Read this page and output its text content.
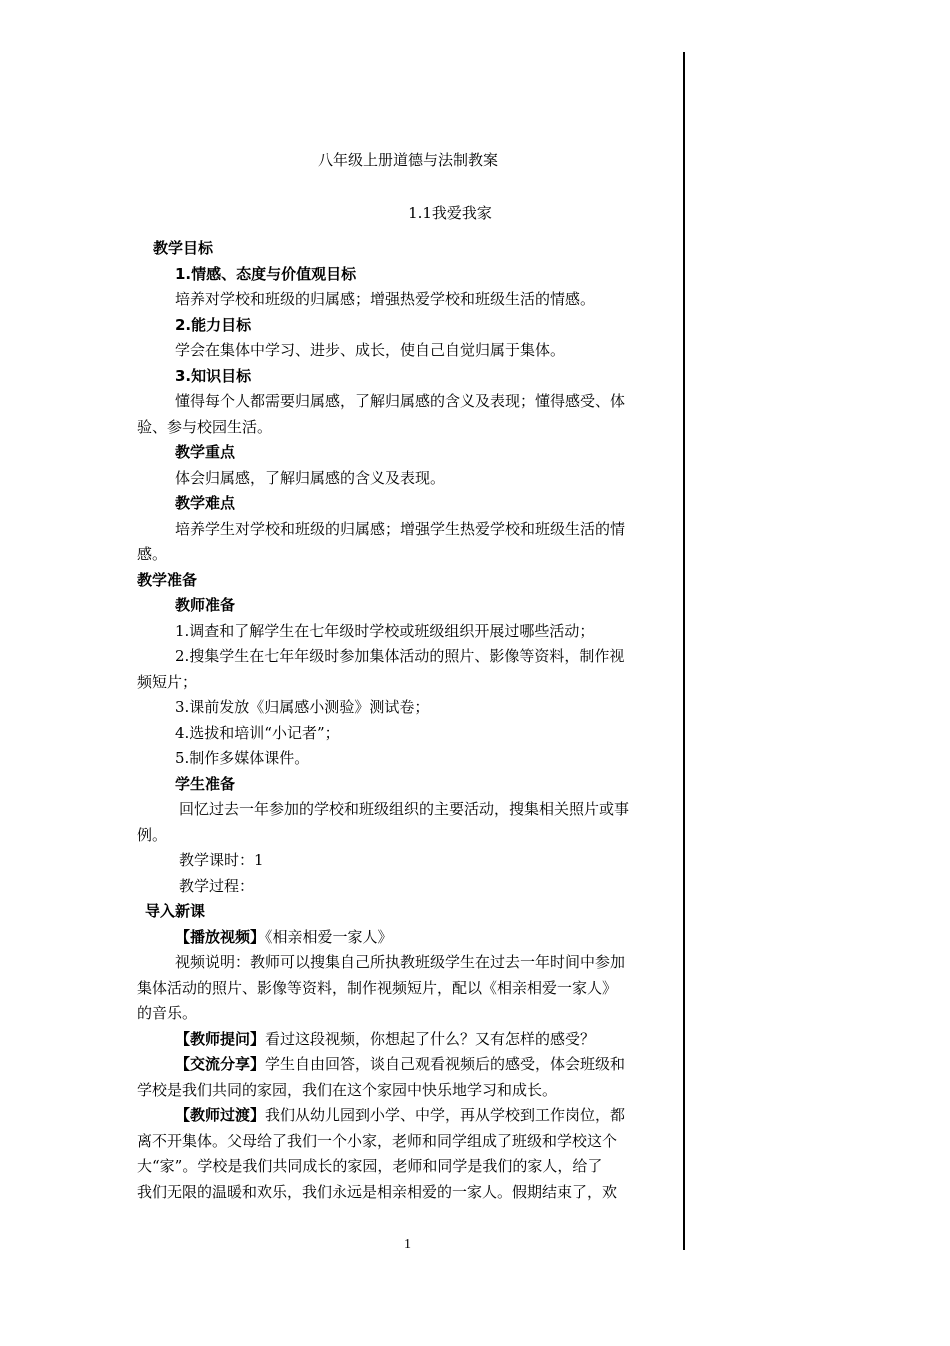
八年级上册道德与法制教案
1.1我爱我家
教学目标
1.情感、态度与价值观目标
培养对学校和班级的归属感；增强热爱学校和班级生活的情感。
2.能力目标
学会在集体中学习、进步、成长，使自己自觉归属于集体。
3.知识目标
懂得每个人都需要归属感，了解归属感的含义及表现；懂得感受、体
验、参与校园生活。
教学重点
体会归属感，了解归属感的含义及表现。
教学难点
培养学生对学校和班级的归属感；增强学生热爱学校和班级生活的情
感。
教学准备
教师准备
1.调查和了解学生在七年级时学校或班级组织开展过哪些活动；
2.搜集学生在七年年级时参加集体活动的照片、影像等资料，制作视
频短片；
3.课前发放《归属感小测验》测试卷；
4.选拔和培训“小记者”；
5.制作多媒体课件。
学生准备
回忆过去一年参加的学校和班级组织的主要活动，搜集相关照片或事
例。
教学课时：1
教学过程：
导入新课
【播放视频】《相亲相爱一家人》
视频说明：教师可以搜集自己所执教班级学生在过去一年时间中参加
集体活动的照片、影像等资料，制作视频短片，配以《相亲相爱一家人》
的音乐。
【教师提问】看过这段视频，你想起了什么？又有怎样的感受？
【交流分享】学生自由回答，谈自己观看视频后的感受，体会班级和
学校是我们共同的家园，我们在这个家园中快乐地学习和成长。
【教师过渡】我们从幼儿园到小学、中学，再从学校到工作岗位，都
离不开集体。父母给了我们一个小家，老师和同学组成了班级和学校这个
大“家”。学校是我们共同成长的家园，老师和同学是我们的家人，给了
我们无限的温暖和欢乐，我们永远是相亲相爱的一家人。假期结束了，欢
1
